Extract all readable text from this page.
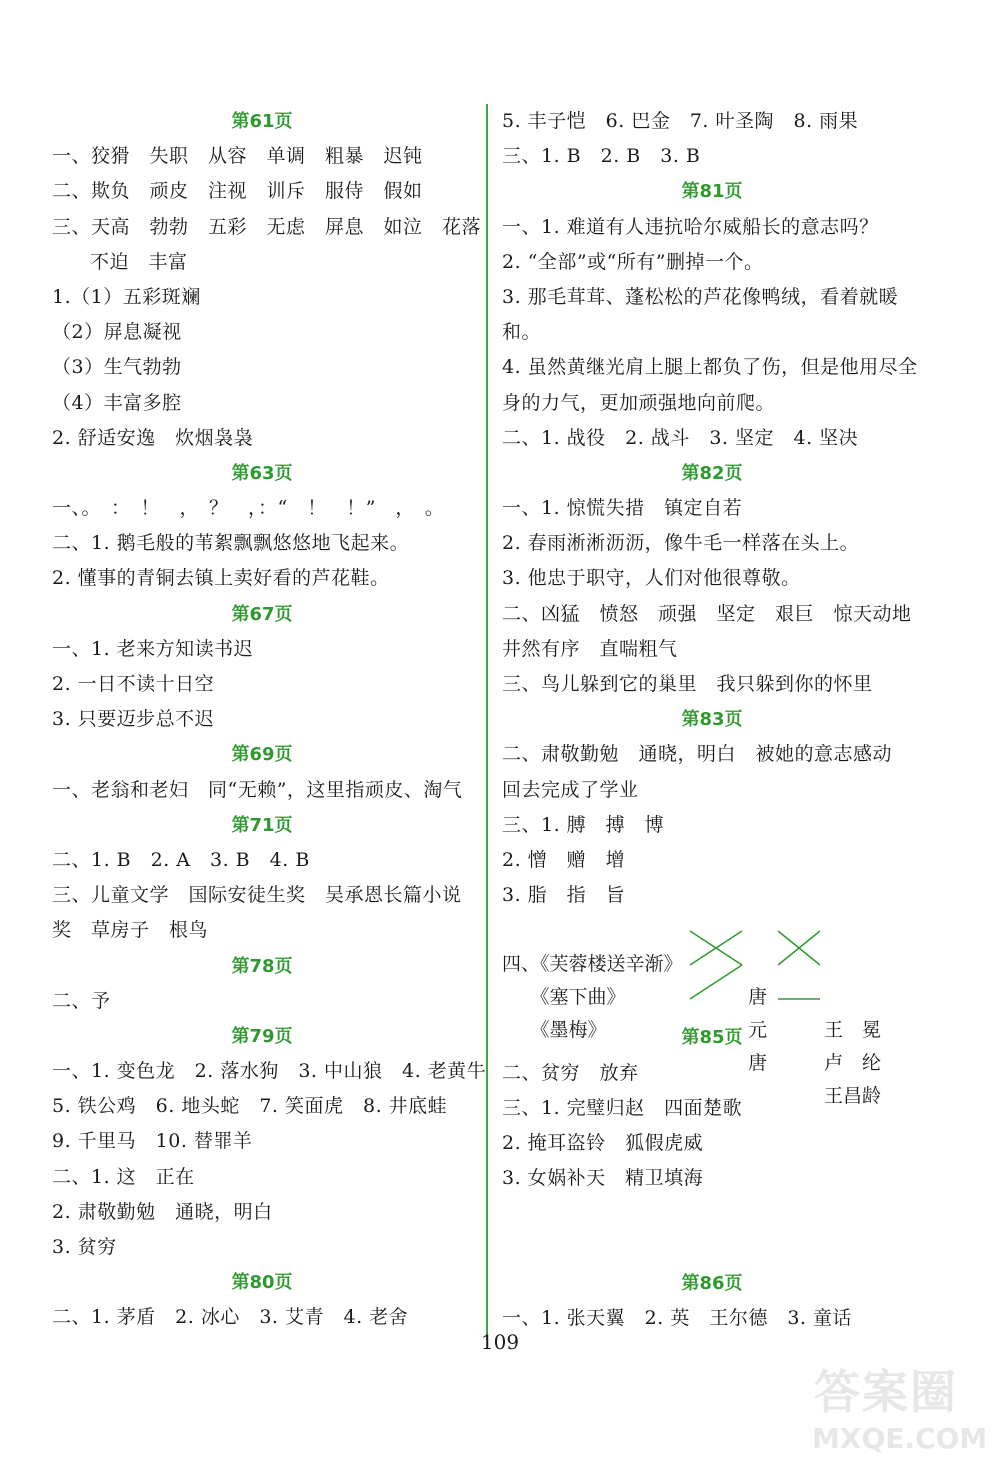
第61页
一、狡猾　失职　从容　单调　粗暴　迟钝
二、欺负　顽皮　注视　训斥　服侍　假如
三、天高　勃勃　五彩　无虑　屏息　如泣　花落
不迫　丰富
1.（1）五彩斑斓
（2）屏息凝视
（3）生气勃勃
（4）丰富多腔
2. 舒适安逸　炊烟袅袅
第63页
一、。　：　！　，　？　，：“　！　！”　，　。
二、1. 鹅毛般的苇絮飘飘悠悠地飞起来。
2. 懂事的青铜去镇上卖好看的芦花鞋。
第67页
一、1. 老来方知读书迟
2. 一日不读十日空
3. 只要迈步总不迟
第69页
一、老翁和老妇　同“无赖”，这里指顽皮、淘气
第71页
二、1. B　2. A　3. B　4. B
三、儿童文学　国际安徒生奖　吴承恩长篇小说
奖　草房子　根鸟
第78页
二、予
第79页
一、1. 变色龙　2. 落水狗　3. 中山狼　4. 老黄牛
5. 铁公鸡　6. 地头蛇　7. 笑面虎　8. 井底蛙
9. 千里马　10. 替罪羊
二、1. 这　正在
2. 肃敬勤勉　通晓，明白
3. 贫穷
第80页
二、1. 茅盾　2. 冰心　3. 艾青　4. 老舍
5. 丰子恺　6. 巴金　7. 叶圣陶　8. 雨果
三、1. B　2. B　3. B
第81页
一、1. 难道有人违抗哈尔威船长的意志吗？
2. “全部”或“所有”删掉一个。
3. 那毛茸茸、蓬松松的芦花像鸭绒，看着就暖
和。
4. 虽然黄继光肩上腿上都负了伤，但是他用尽全
身的力气，更加顽强地向前爬。
二、1. 战役　2. 战斗　3. 坚定　4. 坚决
第82页
一、1. 惊慌失措　镇定自若
2. 春雨淅淅沥沥，像牛毛一样落在头上。
3. 他忠于职守，人们对他很尊敬。
二、凶猛　愤怒　顽强　坚定　艰巨　惊天动地
井然有序　直喘粗气
三、鸟儿躲到它的巢里　我只躲到你的怀里
第83页
二、肃敬勤勉　通晓，明白　被她的意志感动
回去完成了学业
三、1. 膊　搏　博
2. 憎　赠　增
3. 脂　指　旨

四、《芙蓉楼送辛渐》

唐

王　冕

　　《塞下曲》

元

卢　纶

　　《墨梅》

唐

王昌龄

第85页
二、贫穷　放弃
三、1. 完璧归赵　四面楚歌
2. 掩耳盗铃　狐假虎威
3. 女娲补天　精卫填海
第86页
一、1. 张天翼　2. 英　王尔德　3. 童话
109
答案圈
MXQE.COM
